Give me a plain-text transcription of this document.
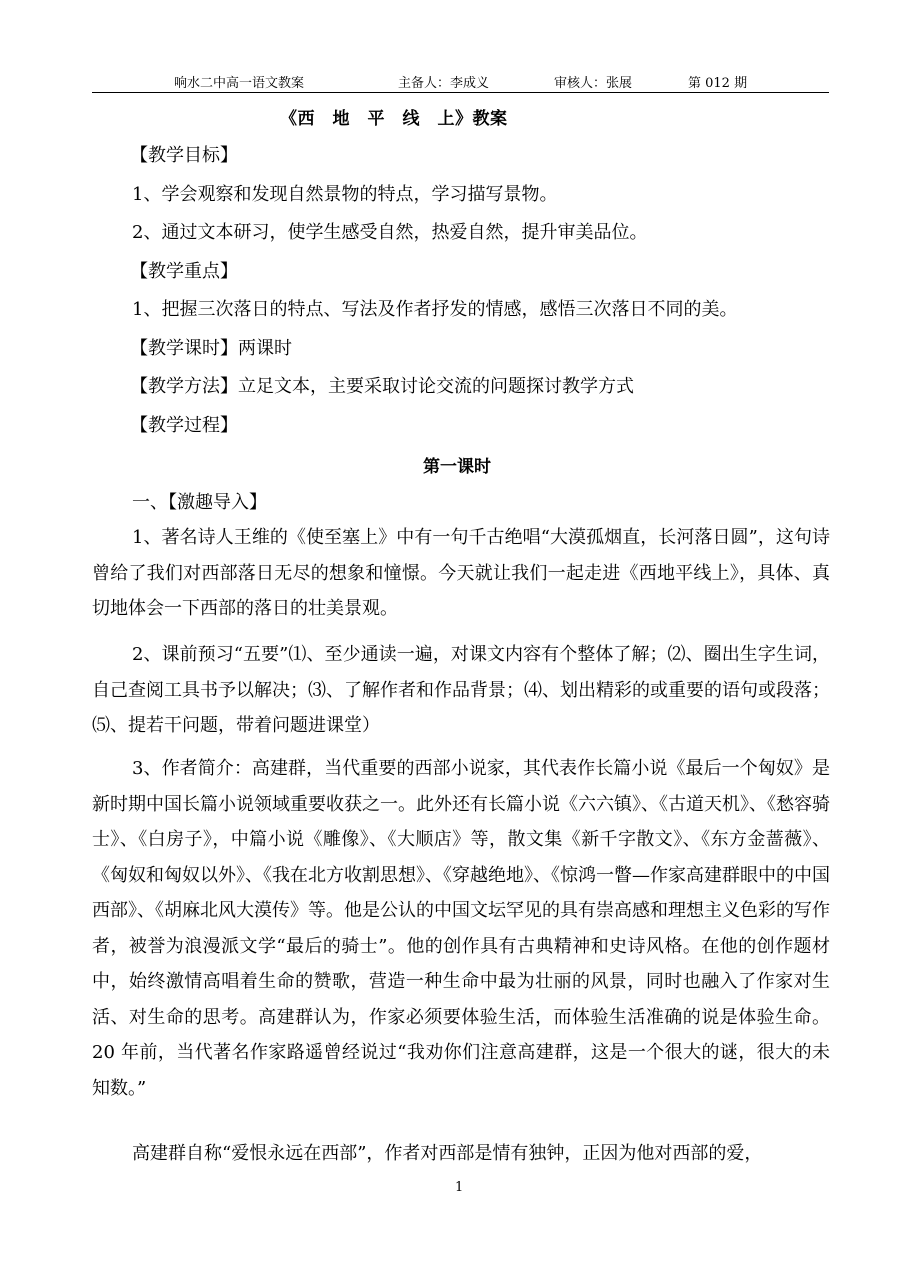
响水二中高一语文教案	主备人：李成义	审核人：张展	第 012 期
《西　地　平　线　上》教案
【教学目标】
1、学会观察和发现自然景物的特点，学习描写景物。
2、通过文本研习，使学生感受自然，热爱自然，提升审美品位。
【教学重点】
1、把握三次落日的特点、写法及作者抒发的情感，感悟三次落日不同的美。
【教学课时】两课时
【教学方法】立足文本，主要采取讨论交流的问题探讨教学方式
【教学过程】
第一课时
一、【激趣导入】
1、著名诗人王维的《使至塞上》中有一句千古绝唱“大漠孤烟直，长河落日圆”，这句诗曾给了我们对西部落日无尽的想象和憧憬。今天就让我们一起走进《西地平线上》，具体、真切地体会一下西部的落日的壮美景观。
2、课前预习“五要”⑴、至少通读一遍，对课文内容有个整体了解；⑵、圈出生字生词，自己查阅工具书予以解决；⑶、了解作者和作品背景；⑷、划出精彩的或重要的语句或段落；⑸、提若干问题，带着问题进课堂）
3、作者简介：高建群，当代重要的西部小说家，其代表作长篇小说《最后一个匈奴》是新时期中国长篇小说领域重要收获之一。此外还有长篇小说《六六镇》、《古道天机》、《愁容骑士》、《白房子》，中篇小说《雕像》、《大顺店》等，散文集《新千字散文》、《东方金蔷薇》、《匈奴和匈奴以外》、《我在北方收割思想》、《穿越绝地》、《惊鸿一瞥—作家高建群眼中的中国西部》、《胡麻北风大漠传》等。他是公认的中国文坛罕见的具有崇高感和理想主义色彩的写作者，被誉为浪漫派文学“最后的骑士”。他的创作具有古典精神和史诗风格。在他的创作题材中，始终激情高唱着生命的赞歌，营造一种生命中最为壮丽的风景，同时也融入了作家对生活、对生命的思考。高建群认为，作家必须要体验生活，而体验生活准确的说是体验生命。20 年前，当代著名作家路遥曾经说过“我劝你们注意高建群，这是一个很大的谜，很大的未知数。”
高建群自称“爱恨永远在西部”，作者对西部是情有独钟，正因为他对西部的爱，
1
